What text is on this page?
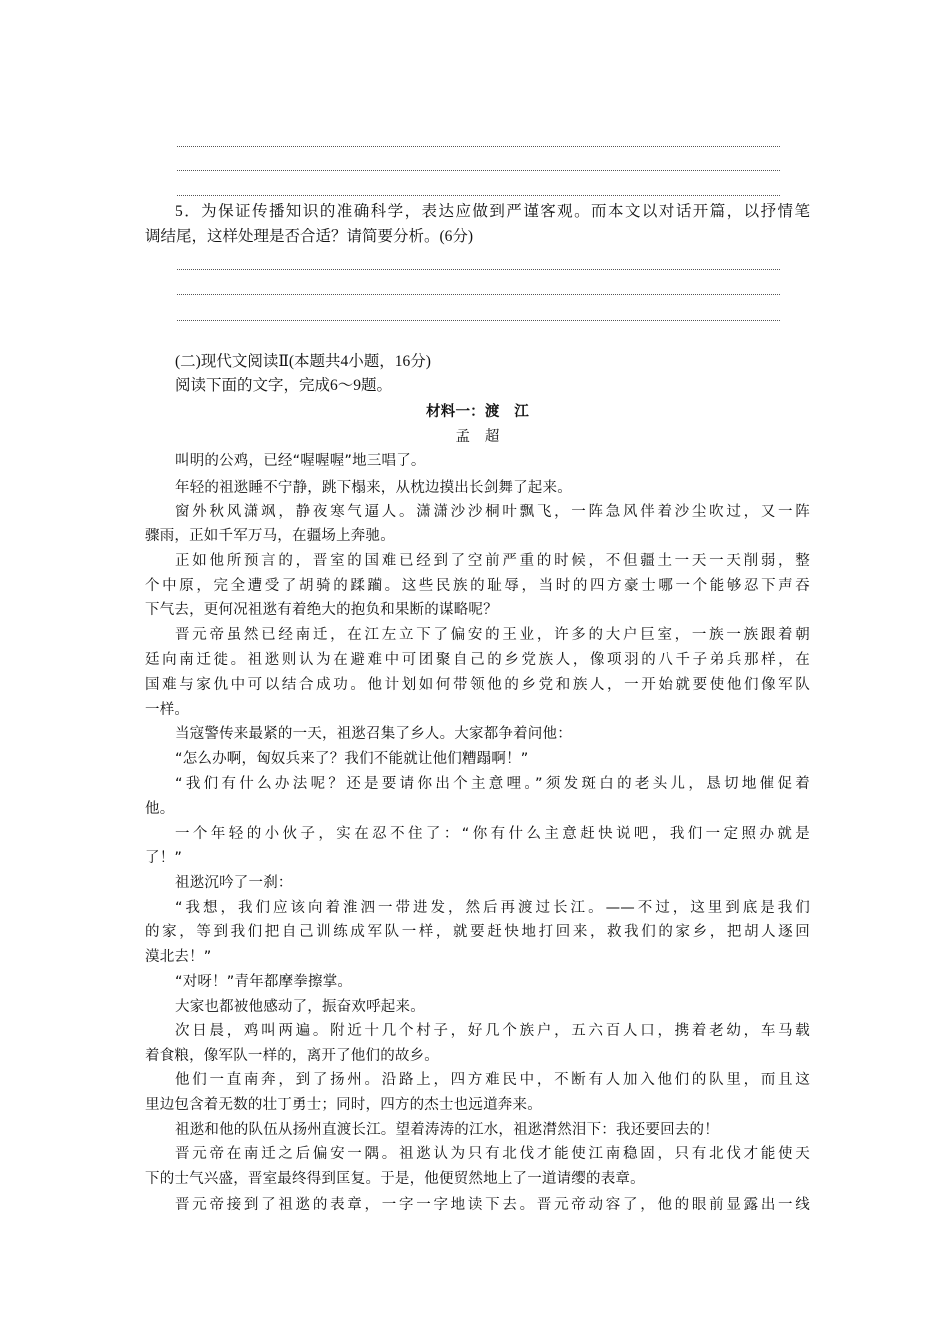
5．为保证传播知识的准确科学，表达应做到严谨客观。而本文以对话开篇，以抒情笔
调结尾，这样处理是否合适？请简要分析。(6分)
(二)现代文阅读Ⅱ(本题共4小题，16分)
阅读下面的文字，完成6～9题。
材料一：渡　江
孟　超
叫明的公鸡，已经“喔喔喔”地三唱了。
年轻的祖逖睡不宁静，跳下榻来，从枕边摸出长剑舞了起来。
窗外秋风潇飒，静夜寒气逼人。潇潇沙沙桐叶飘飞，一阵急风伴着沙尘吹过，又一阵
骤雨，正如千军万马，在疆场上奔驰。
正如他所预言的，晋室的国难已经到了空前严重的时候，不但疆土一天一天削弱，整
个中原，完全遭受了胡骑的蹂躏。这些民族的耻辱，当时的四方豪士哪一个能够忍下声吞
下气去，更何况祖逖有着绝大的抱负和果断的谋略呢？
晋元帝虽然已经南迁，在江左立下了偏安的王业，许多的大户巨室，一族一族跟着朝
廷向南迁徙。祖逖则认为在避难中可团聚自己的乡党族人，像项羽的八千子弟兵那样，在
国难与家仇中可以结合成功。他计划如何带领他的乡党和族人，一开始就要使他们像军队
一样。
当寇警传来最紧的一天，祖逖召集了乡人。大家都争着问他：
“怎么办啊，匈奴兵来了？我们不能就让他们糟蹋啊！”
“我们有什么办法呢？还是要请你出个主意哩。”须发斑白的老头儿，恳切地催促着
他。
一个年轻的小伙子，实在忍不住了：“你有什么主意赶快说吧，我们一定照办就是
了！”
祖逖沉吟了一刹：
“我想，我们应该向着淮泗一带进发，然后再渡过长江。——不过，这里到底是我们
的家，等到我们把自己训练成军队一样，就要赶快地打回来，救我们的家乡，把胡人逐回
漠北去！”
“对呀！”青年都摩拳擦掌。
大家也都被他感动了，振奋欢呼起来。
次日晨，鸡叫两遍。附近十几个村子，好几个族户，五六百人口，携着老幼，车马载
着食粮，像军队一样的，离开了他们的故乡。
他们一直南奔，到了扬州。沿路上，四方难民中，不断有人加入他们的队里，而且这
里边包含着无数的壮丁勇士；同时，四方的杰士也远道奔来。
祖逖和他的队伍从扬州直渡长江。望着涛涛的江水，祖逖潸然泪下：我还要回去的！
晋元帝在南迁之后偏安一隅。祖逖认为只有北伐才能使江南稳固，只有北伐才能使天
下的士气兴盛，晋室最终得到匡复。于是，他便贸然地上了一道请缨的表章。
晋元帝接到了祖逖的表章，一字一字地读下去。晋元帝动容了，他的眼前显露出一线
